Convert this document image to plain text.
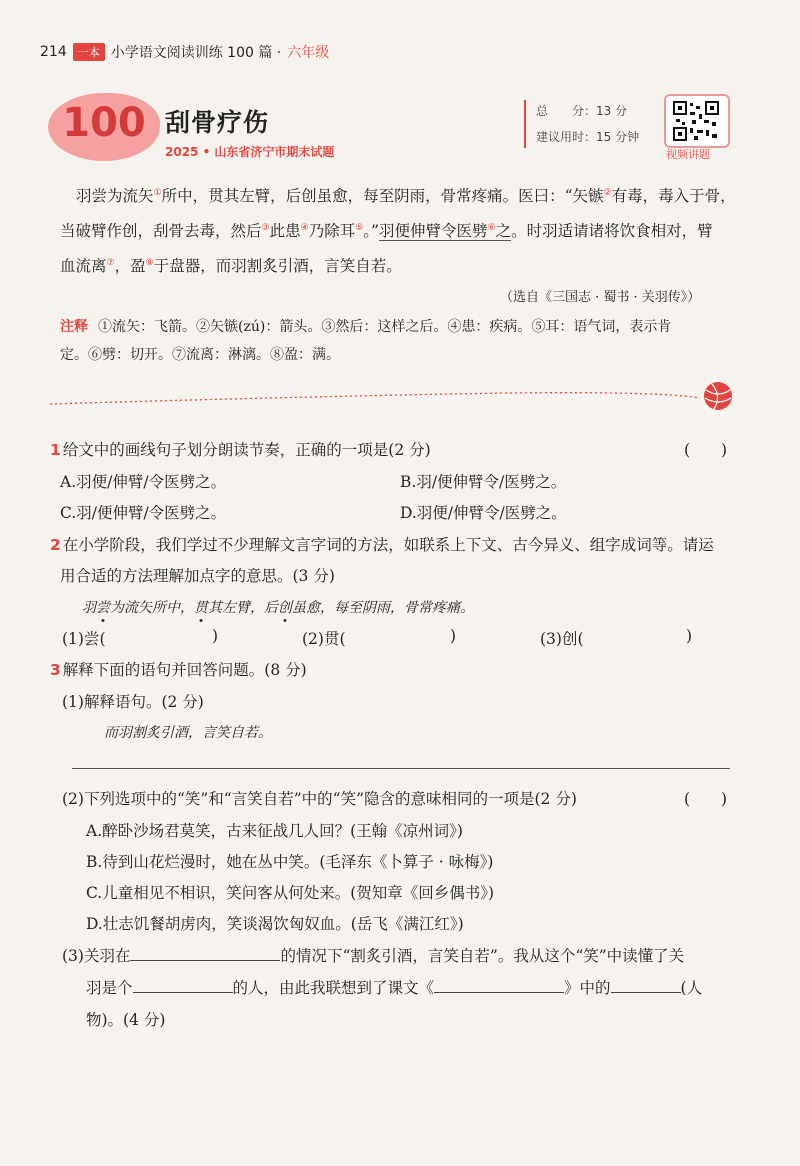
214	一本 小学语文阅读训练 100 篇 · 六年级
100 刮骨疗伤
2025 • 山东省济宁市期末试题
总　　分：13 分
建议用时：15 分钟
视频讲题
羽尝为流矢①所中，贯其左臂，后创虽愈，每至阴雨，骨常疼痛。医曰：“矢镞②有毒，毒入于骨，
当破臂作创，刮骨去毒，然后③此患④乃除耳⑤。”羽便伸臂令医劈⑥之。时羽适请诸将饮食相对，臂
血流离⑦，盈⑧于盘器，而羽割炙引酒，言笑自若。
（选自《三国志 · 蜀书 · 关羽传》）
注释 ①流矢：飞箭。②矢镞(zú)：箭头。③然后：这样之后。④患：疾病。⑤耳：语气词，表示肯
定。⑥劈：切开。⑦流离：淋漓。⑧盈：满。
1 给文中的画线句子划分朗读节奏，正确的一项是(2 分)	(　　)
A.羽便/伸臂/令医劈之。	B.羽/便伸臂令/医劈之。
C.羽/便伸臂/令医劈之。	D.羽便/伸臂令/医劈之。
2 在小学阶段，我们学过不少理解文言字词的方法，如联系上下文、古今异义、组字成词等。请运
用合适的方法理解加点字的意思。(3 分)
羽尝为流矢所中，贯其左臂，后创虽愈，每至阴雨，骨常疼痛。
(1)尝(	)	(2)贯(	)	(3)创(	)
3 解释下面的语句并回答问题。(8 分)
(1)解释语句。(2 分)
而羽割炙引酒，言笑自若。
(2)下列选项中的“笑”和“言笑自若”中的“笑”隐含的意味相同的一项是(2 分)	(　　)
A.醉卧沙场君莫笑，古来征战几人回？(王翰《凉州词》)
B.待到山花烂漫时，她在丛中笑。(毛泽东《卜算子 · 咏梅》)
C.儿童相见不相识，笑问客从何处来。(贺知章《回乡偶书》)
D.壮志饥餐胡虏肉，笑谈渴饮匈奴血。(岳飞《满江红》)
(3)关羽在	的情况下“割炙引酒，言笑自若”。我从这个“笑”中读懂了关
羽是个	的人，由此我联想到了课文《	》中的	(人
物)。(4 分)
